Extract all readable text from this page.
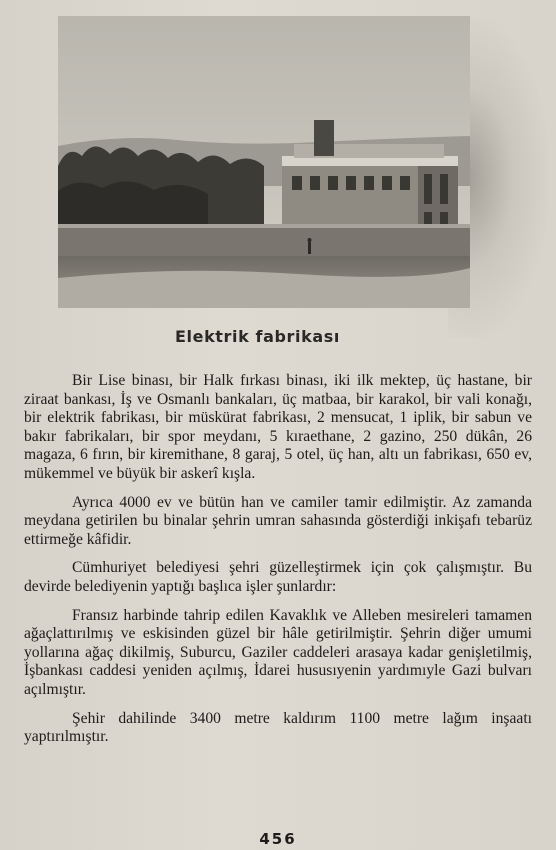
Elektrik fabrikası

Bir Lise binası, bir Halk fırkası binası, iki ilk mektep, üç hastane, bir ziraat bankası, İş ve Osmanlı bankaları, üç matbaa, bir karakol, bir vali konağı, bir elektrik fabrikası, bir müskürat fabrikası, 2 mensucat, 1 iplik, bir sabun ve bakır fabrikaları, bir spor meydanı, 5 kıraethane, 2 gazino, 250 dükân, 26 magaza, 6 fırın, bir kiremithane, 8 garaj, 5 otel, üç han, altı un fabrikası, 650 ev, mükemmel ve büyük bir askerî kışla.

Ayrıca 4000 ev ve bütün han ve camiler tamir edilmiştir. Az zamanda meydana getirilen bu binalar şehrin umran sahasında gösterdiği inkişafı tebarüz ettirmeğe kâfidir.

Cümhuriyet belediyesi şehri güzelleştirmek için çok çalışmıştır. Bu devirde belediyenin yaptığı başlıca işler şunlardır:

Fransız harbinde tahrip edilen Kavaklık ve Alleben mesireleri tamamen ağaçlattırılmış ve eskisinden güzel bir hâle getirilmiştir. Şehrin diğer umumi yollarına ağaç dikilmiş, Suburcu, Gaziler caddeleri arasaya kadar genişletilmiş, İşbankası caddesi yeniden açılmış, İdarei hususıyenin yardımıyle Gazi bulvarı açılmıştır.

Şehir dahilinde 3400 metre kaldırım 1100 metre lağım inşaatı yaptırılmıştır.

456
